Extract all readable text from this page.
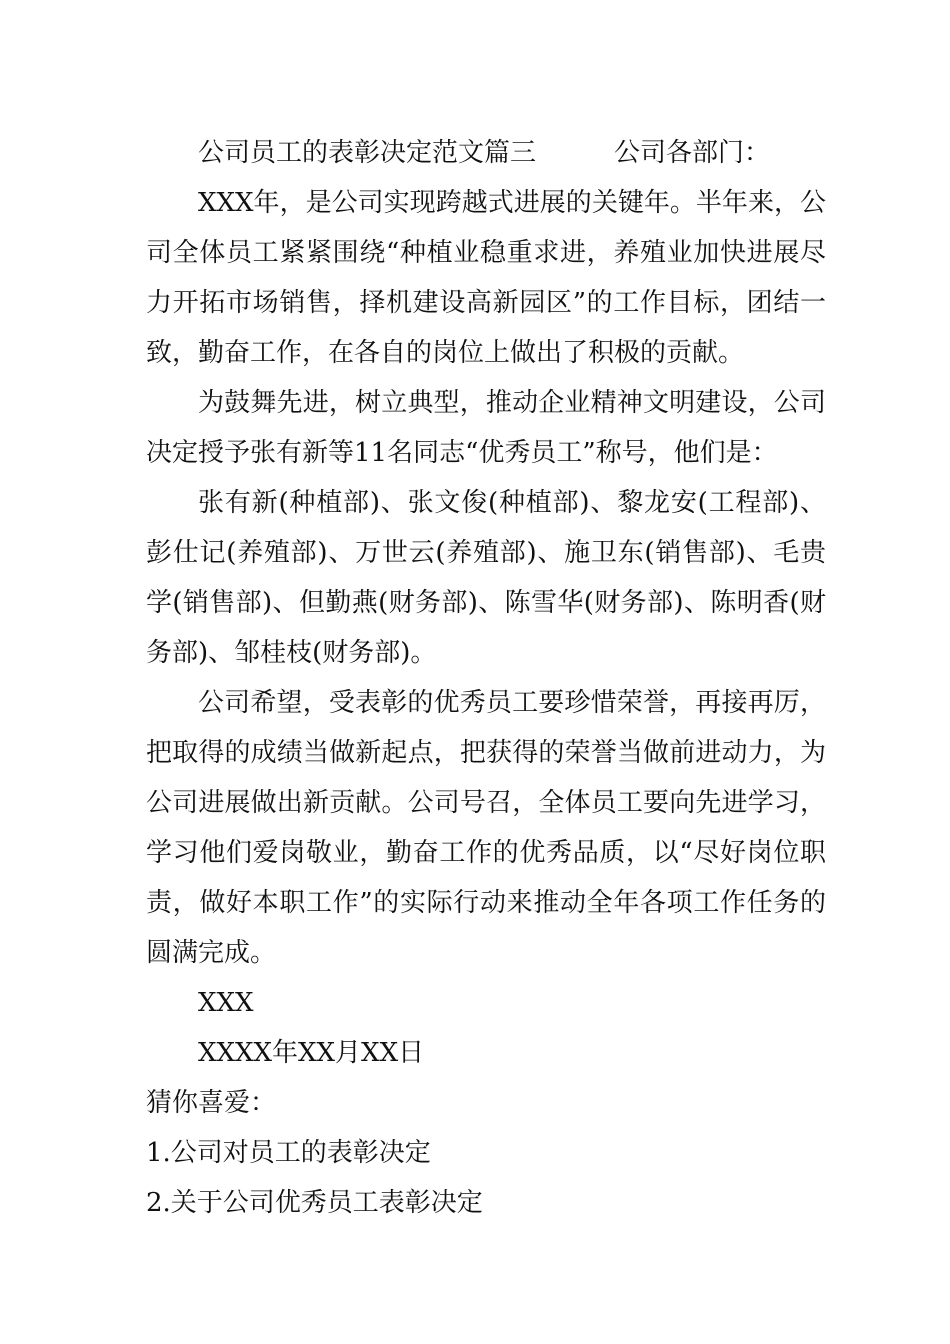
公司员工的表彰决定范文篇三　　　公司各部门：

XXX年，是公司实现跨越式进展的关键年。半年来，公司全体员工紧紧围绕“种植业稳重求进，养殖业加快进展尽力开拓市场销售，择机建设高新园区”的工作目标，团结一致，勤奋工作，在各自的岗位上做出了积极的贡献。

为鼓舞先进，树立典型，推动企业精神文明建设，公司决定授予张有新等11名同志“优秀员工”称号，他们是：

张有新(种植部)、张文俊(种植部)、黎龙安(工程部)、彭仕记(养殖部)、万世云(养殖部)、施卫东(销售部)、毛贵学(销售部)、但勤燕(财务部)、陈雪华(财务部)、陈明香(财务部)、邹桂枝(财务部)。

公司希望，受表彰的优秀员工要珍惜荣誉，再接再厉，把取得的成绩当做新起点，把获得的荣誉当做前进动力，为公司进展做出新贡献。公司号召，全体员工要向先进学习，学习他们爱岗敬业，勤奋工作的优秀品质，以“尽好岗位职责，做好本职工作”的实际行动来推动全年各项工作任务的圆满完成。

XXX

XXXX年XX月XX日

猜你喜爱：

1.公司对员工的表彰决定

2.关于公司优秀员工表彰决定
